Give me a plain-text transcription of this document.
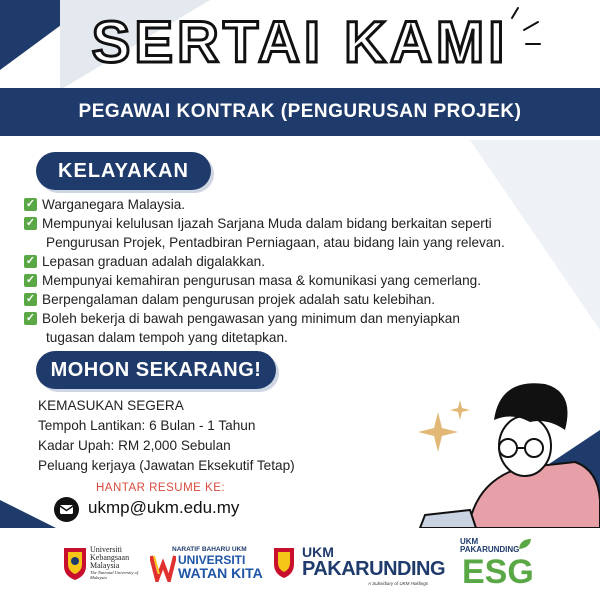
SERTAI KAMI
PEGAWAI KONTRAK (PENGURUSAN PROJEK)
KELAYAKAN
✓ Warganegara Malaysia.
✓ Mempunyai kelulusan Ijazah Sarjana Muda dalam bidang berkaitan seperti
Pengurusan Projek, Pentadbiran Perniagaan, atau bidang lain yang relevan.
✓ Lepasan graduan adalah digalakkan.
✓ Mempunyai kemahiran pengurusan masa & komunikasi yang cemerlang.
✓ Berpengalaman dalam pengurusan projek adalah satu kelebihan.
✓ Boleh bekerja di bawah pengawasan yang minimum dan menyiapkan
tugasan dalam tempoh yang ditetapkan.
MOHON SEKARANG!
KEMASUKAN SEGERA
Tempoh Lantikan: 6 Bulan - 1 Tahun
Kadar Upah: RM 2,000 Sebulan
Peluang kerjaya (Jawatan Eksekutif Tetap)
HANTAR RESUME KE:
ukmp@ukm.edu.my
Universiti
Kebangsaan
Malaysia
The National University of Malaysia
NARATIF BAHARU UKM
UNIVERSITI
WATAN KITA
UKM
PAKARUNDING
A Subsidiary of UKM Holdings
UKM
PAKARUNDING
ESG
